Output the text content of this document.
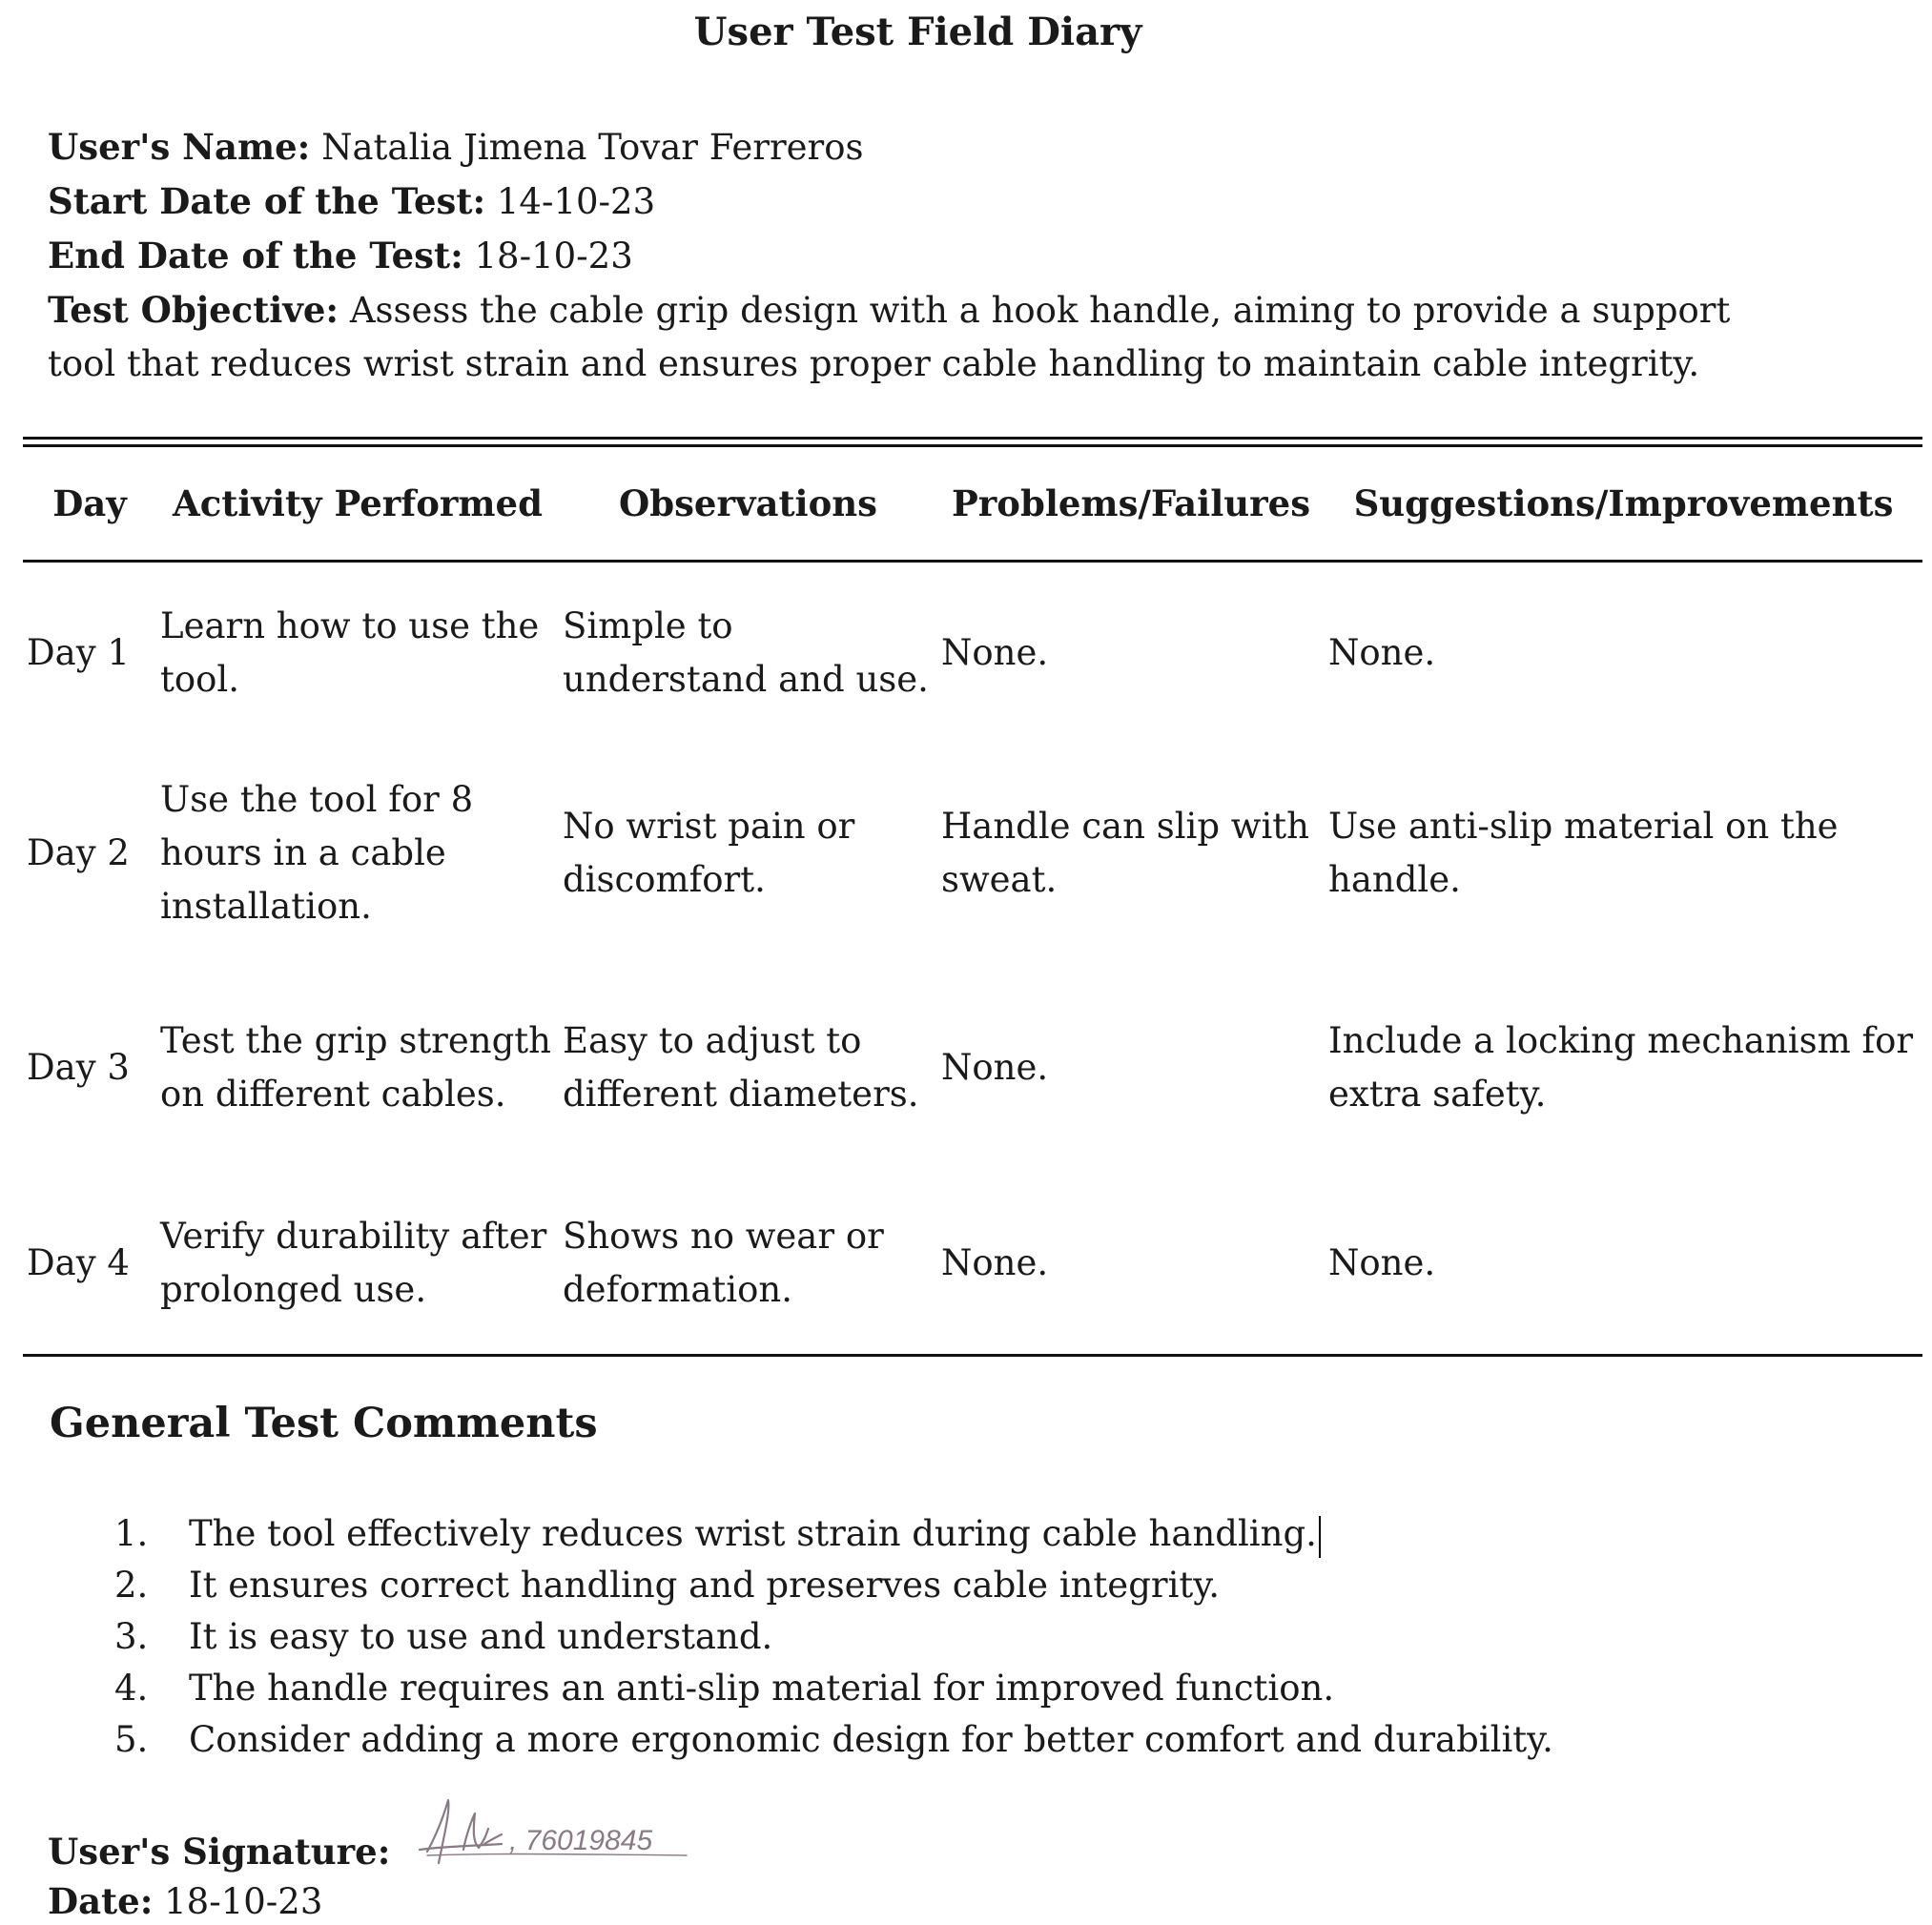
User Test Field Diary
User's Name: Natalia Jimena Tovar Ferreros
Start Date of the Test: 14-10-23
End Date of the Test: 18-10-23
Test Objective: Assess the cable grip design with a hook handle, aiming to provide a support tool that reduces wrist strain and ensures proper cable handling to maintain cable integrity.
Day	Activity Performed	Observations	Problems/Failures	Suggestions/Improvements
Day 1	Learn how to use the tool.	Simple to understand and use.	None.	None.
Day 2	Use the tool for 8 hours in a cable installation.	No wrist pain or discomfort.	Handle can slip with sweat.	Use anti-slip material on the handle.
Day 3	Test the grip strength on different cables.	Easy to adjust to different diameters.	None.	Include a locking mechanism for extra safety.
Day 4	Verify durability after prolonged use.	Shows no wear or deformation.	None.	None.
General Test Comments
1.	The tool effectively reduces wrist strain during cable handling.
2.	It ensures correct handling and preserves cable integrity.
3.	It is easy to use and understand.
4.	The handle requires an anti-slip material for improved function.
5.	Consider adding a more ergonomic design for better comfort and durability.
User's Signature:	, 76019845
Date: 18-10-23
